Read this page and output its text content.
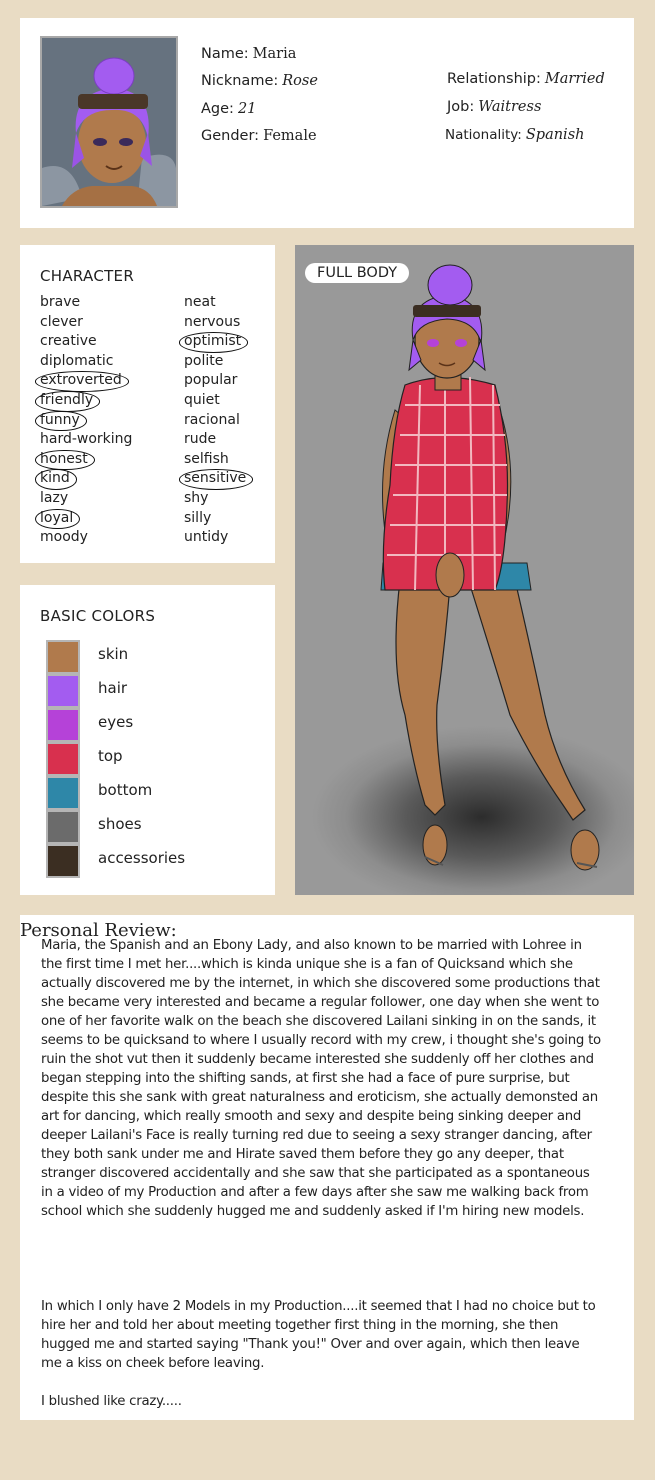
Name: Maria
Nickname: Rose
Age: 21
Gender: Female
Relationship: Married
Job: Waitress
Nationality: Spanish
CHARACTER
brave
clever
creative
diplomatic
extroverted
friendly
funny
hard-working
honest
kind
lazy
loyal
moody
neat
nervous
optimist
polite
popular
quiet
racional
rude
selfish
sensitive
shy
silly
untidy
BASIC COLORS
skin
hair
eyes
top
bottom
shoes
accessories
FULL BODY
Personal Review:

Maria, the Spanish and an Ebony Lady, and also known to be married with Lohree in the first time I met her....which is kinda unique she is a fan of Quicksand which she actually discovered me by the internet, in which she discovered some productions that she became very interested and became a regular follower, one day when she went to one of her favorite walk on the beach she discovered Lailani sinking in on the sands, it seems to be quicksand to where I usually record with my crew, i thought she's going to ruin the shot vut then it suddenly became interested she suddenly off her clothes and began stepping into the shifting sands, at first she had a face of pure surprise, but despite this she sank with great naturalness and eroticism, she actually demonsted an art for dancing, which really smooth and sexy and despite being sinking deeper and deeper Lailani's Face is really turning red due to seeing a sexy stranger dancing, after they both sank under me and Hirate saved them before they go any deeper, that stranger discovered accidentally and she saw that she participated as a spontaneous in a video of my Production and after a few days after she saw me walking back from school which she suddenly hugged me and suddenly asked if I'm hiring new models.

In which I only have 2 Models in my Production....it seemed that I had no choice but to hire her and told her about meeting together first thing in the morning, she then hugged me and started saying "Thank you!" Over and over again, which then leave me a kiss on cheek before leaving.

I blushed like crazy.....
